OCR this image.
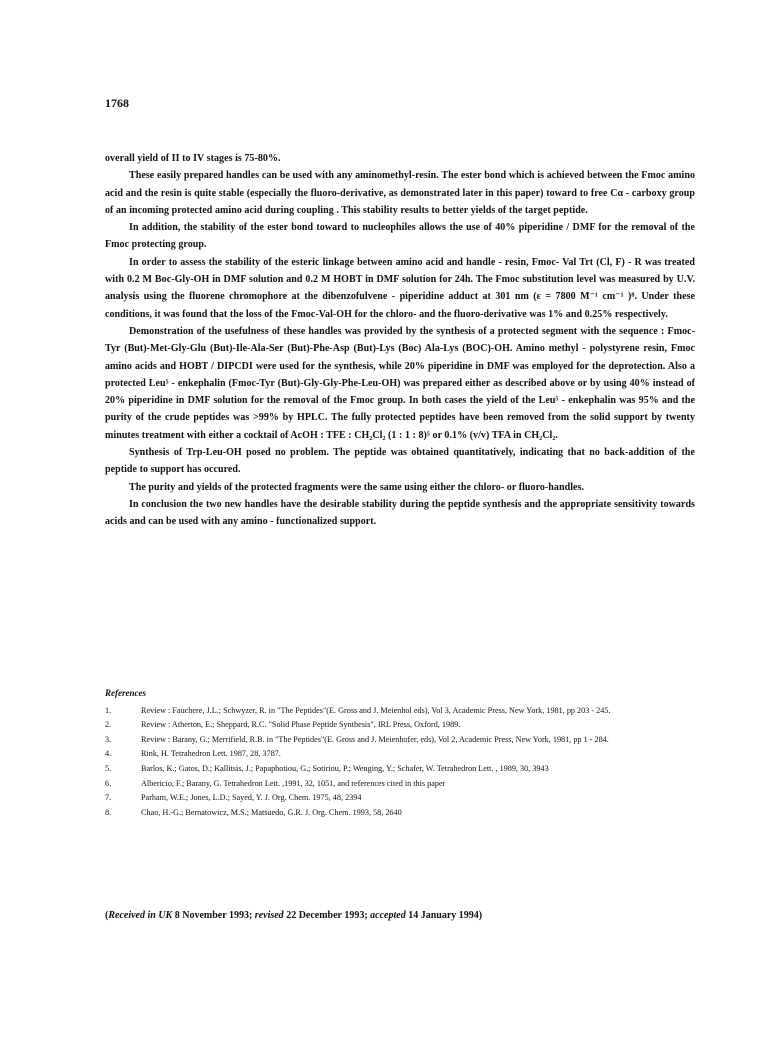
1768

overall yield of II to IV stages is 75-80%.

These easily prepared handles can be used with any aminomethyl-resin. The ester bond which is achieved between the Fmoc amino acid and the resin is quite stable (especially the fluoro-derivative, as demonstrated later in this paper) toward to free Cα - carboxy group of an incoming protected amino acid during coupling . This stability results to better yields of the target peptide.

In addition, the stability of the ester bond toward to nucleophiles allows the use of 40% piperidine / DMF for the removal of the Fmoc protecting group.

In order to assess the stability of the esteric linkage between amino acid and handle - resin, Fmoc- Val Trt (Cl, F) - R was treated with 0.2 M Boc-Gly-OH in DMF solution and 0.2 M HOBT in DMF solution for 24h. The Fmoc substitution level was measured by U.V. analysis using the fluorene chromophore at the dibenzofulvene - piperidine adduct at 301 nm (ε = 7800 M⁻¹ cm⁻¹ )⁸. Under these conditions, it was found that the loss of the Fmoc-Val-OH for the chloro- and the fluoro-derivative was 1% and 0.25% respectively.

Demonstration of the usefulness of these handles was provided by the synthesis of a protected segment with the sequence : Fmoc-Tyr (But)-Met-Gly-Glu (But)-Ile-Ala-Ser (But)-Phe-Asp (But)-Lys (Boc) Ala-Lys (BOC)-OH. Amino methyl - polystyrene resin, Fmoc amino acids and HOBT / DIPCDI were used for the synthesis, while 20% piperidine in DMF was employed for the deprotection. Also a protected Leu⁵ - enkephalin (Fmoc-Tyr (But)-Gly-Gly-Phe-Leu-OH) was prepared either as described above or by using 40% instead of 20% piperidine in DMF solution for the removal of the Fmoc group. In both cases the yield of the Leu⁵ - enkephalin was 95% and the purity of the crude peptides was >99% by HPLC. The fully protected peptides have been removed from the solid support by twenty minutes treatment with either a cocktail of AcOH : TFE : CH₂Cl₂ (1 : 1 : 8)⁵ or 0.1% (v/v) TFA in CH₂Cl₂.

Synthesis of Trp-Leu-OH posed no problem. The peptide was obtained quantitatively, indicating that no back-addition of the peptide to support has occured.

The purity and yields of the protected fragments were the same using either the chloro- or fluoro-handles.

In conclusion the two new handles have the desirable stability during the peptide synthesis and the appropriate sensitivity towards acids and can be used with any amino - functionalized support.

References
1.	Review : Fauchere, J.L.; Schwyzer, R. in "The Peptides"(E. Gross and J. Meienhol eds), Vol 3, Academic Press, New York, 1981, pp 203 - 245.
2.	Review : Atherton, E.; Sheppard, R.C. "Solid Phase Peptide Synthesis", IRL Press, Oxford, 1989.
3.	Review : Barany, G.; Merrifield, R.B. in "The Peptides"(E. Gross and J. Meienhofer, eds), Vol 2, Academic Press, New York, 1981, pp 1 - 284.
4.	Rink, H. Tetrahedron Lett. 1987, 28, 3787.
5.	Barlos, K.; Gatos, D.; Kallitsis, J.; Papaphotiou, G.; Sotiriou, P.; Wenging, Y.; Schafer, W. Tetrahedron Lett. , 1989, 30, 3943
6.	Albericio, F.; Barany, G. Tetrahedron Lett. ,1991, 32, 1051, and references cited in this paper
7.	Parham, W.E.; Jones, L.D.; Sayed, Y. J. Org. Chem. 1975, 48, 2394
8.	Chao, H.-G.; Bernatowicz, M.S.; Matsuedo, G.R. J. Org. Chem. 1993, 58, 2640
(Received in UK 8 November 1993; revised 22 December 1993; accepted 14 January 1994)
